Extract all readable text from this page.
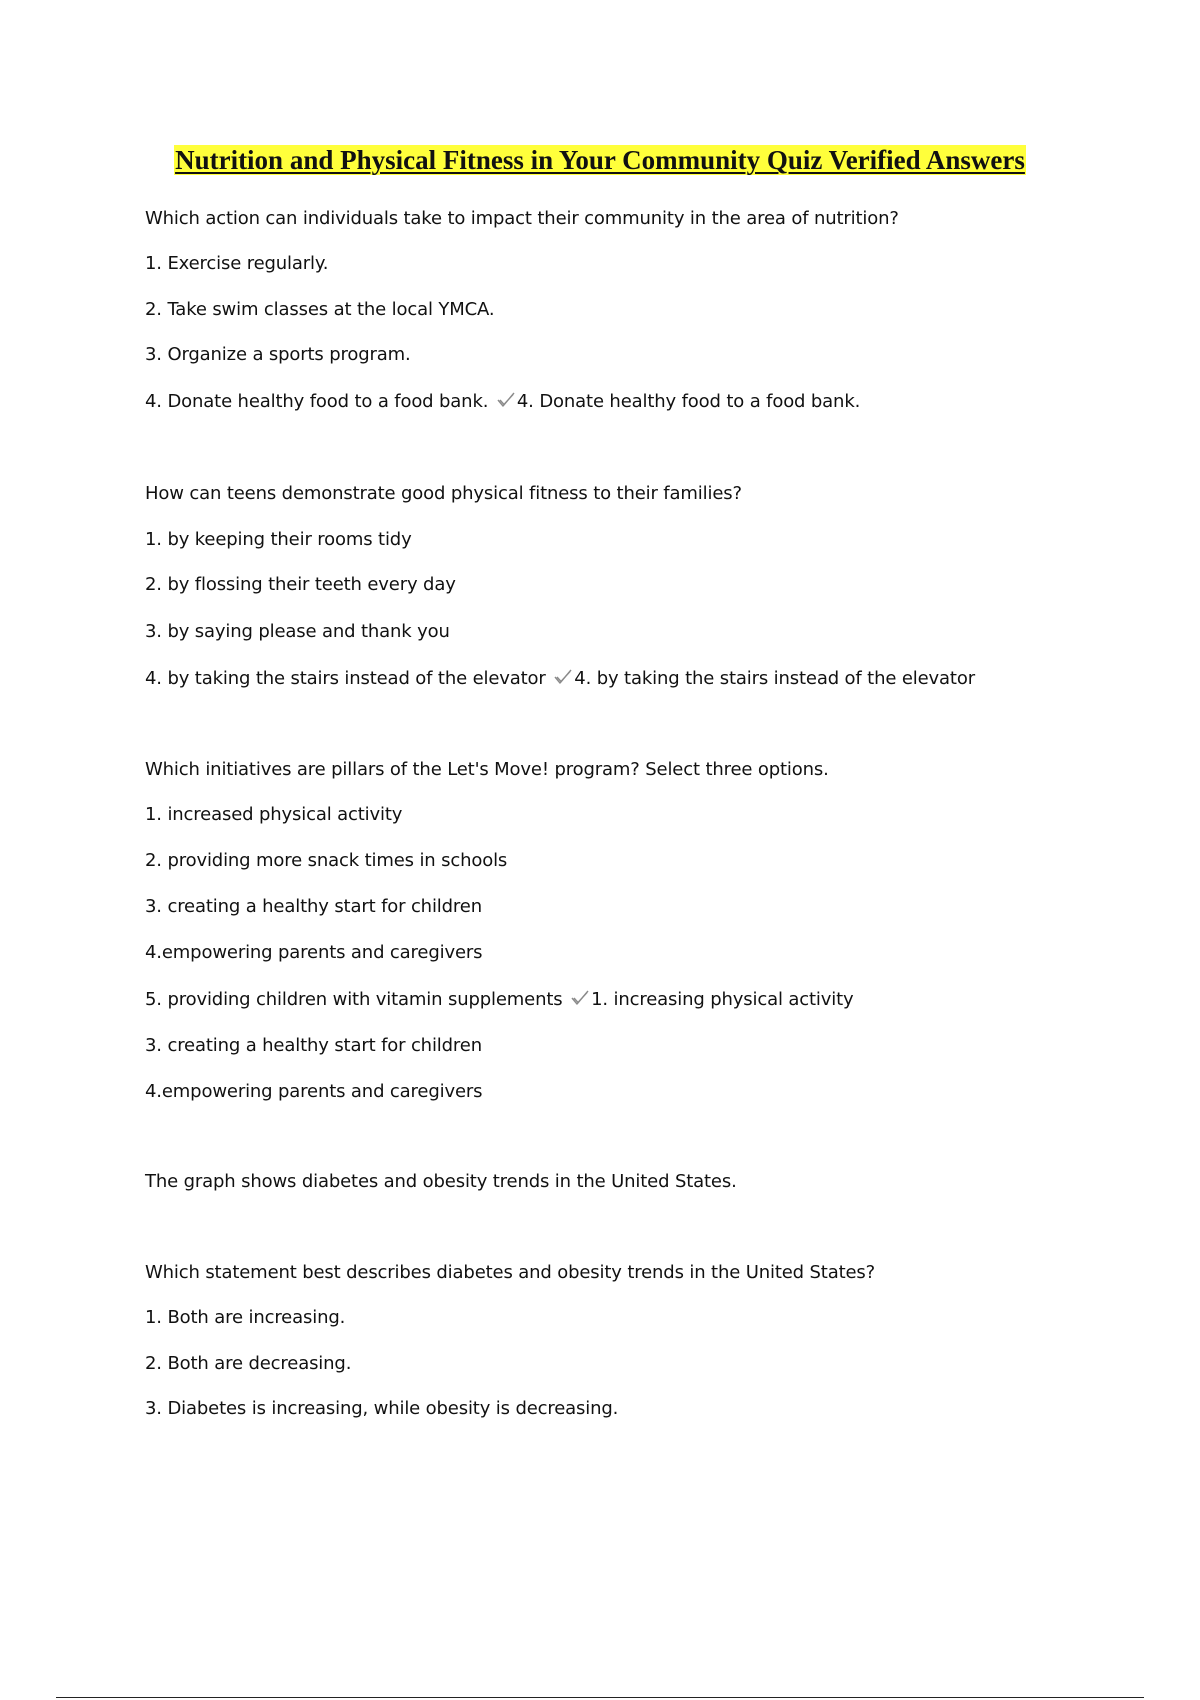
Nutrition and Physical Fitness in Your Community Quiz Verified Answers
Which action can individuals take to impact their community in the area of nutrition?
1. Exercise regularly.
2. Take swim classes at the local YMCA.
3. Organize a sports program.
4. Donate healthy food to a food bank. 4. Donate healthy food to a food bank.
How can teens demonstrate good physical fitness to their families?
1. by keeping their rooms tidy
2. by flossing their teeth every day
3. by saying please and thank you
4. by taking the stairs instead of the elevator 4. by taking the stairs instead of the elevator
Which initiatives are pillars of the Let's Move! program? Select three options.
1. increased physical activity
2. providing more snack times in schools
3. creating a healthy start for children
4.empowering parents and caregivers
5. providing children with vitamin supplements 1. increasing physical activity
3. creating a healthy start for children
4.empowering parents and caregivers
The graph shows diabetes and obesity trends in the United States.
Which statement best describes diabetes and obesity trends in the United States?
1. Both are increasing.
2. Both are decreasing.
3. Diabetes is increasing, while obesity is decreasing.
